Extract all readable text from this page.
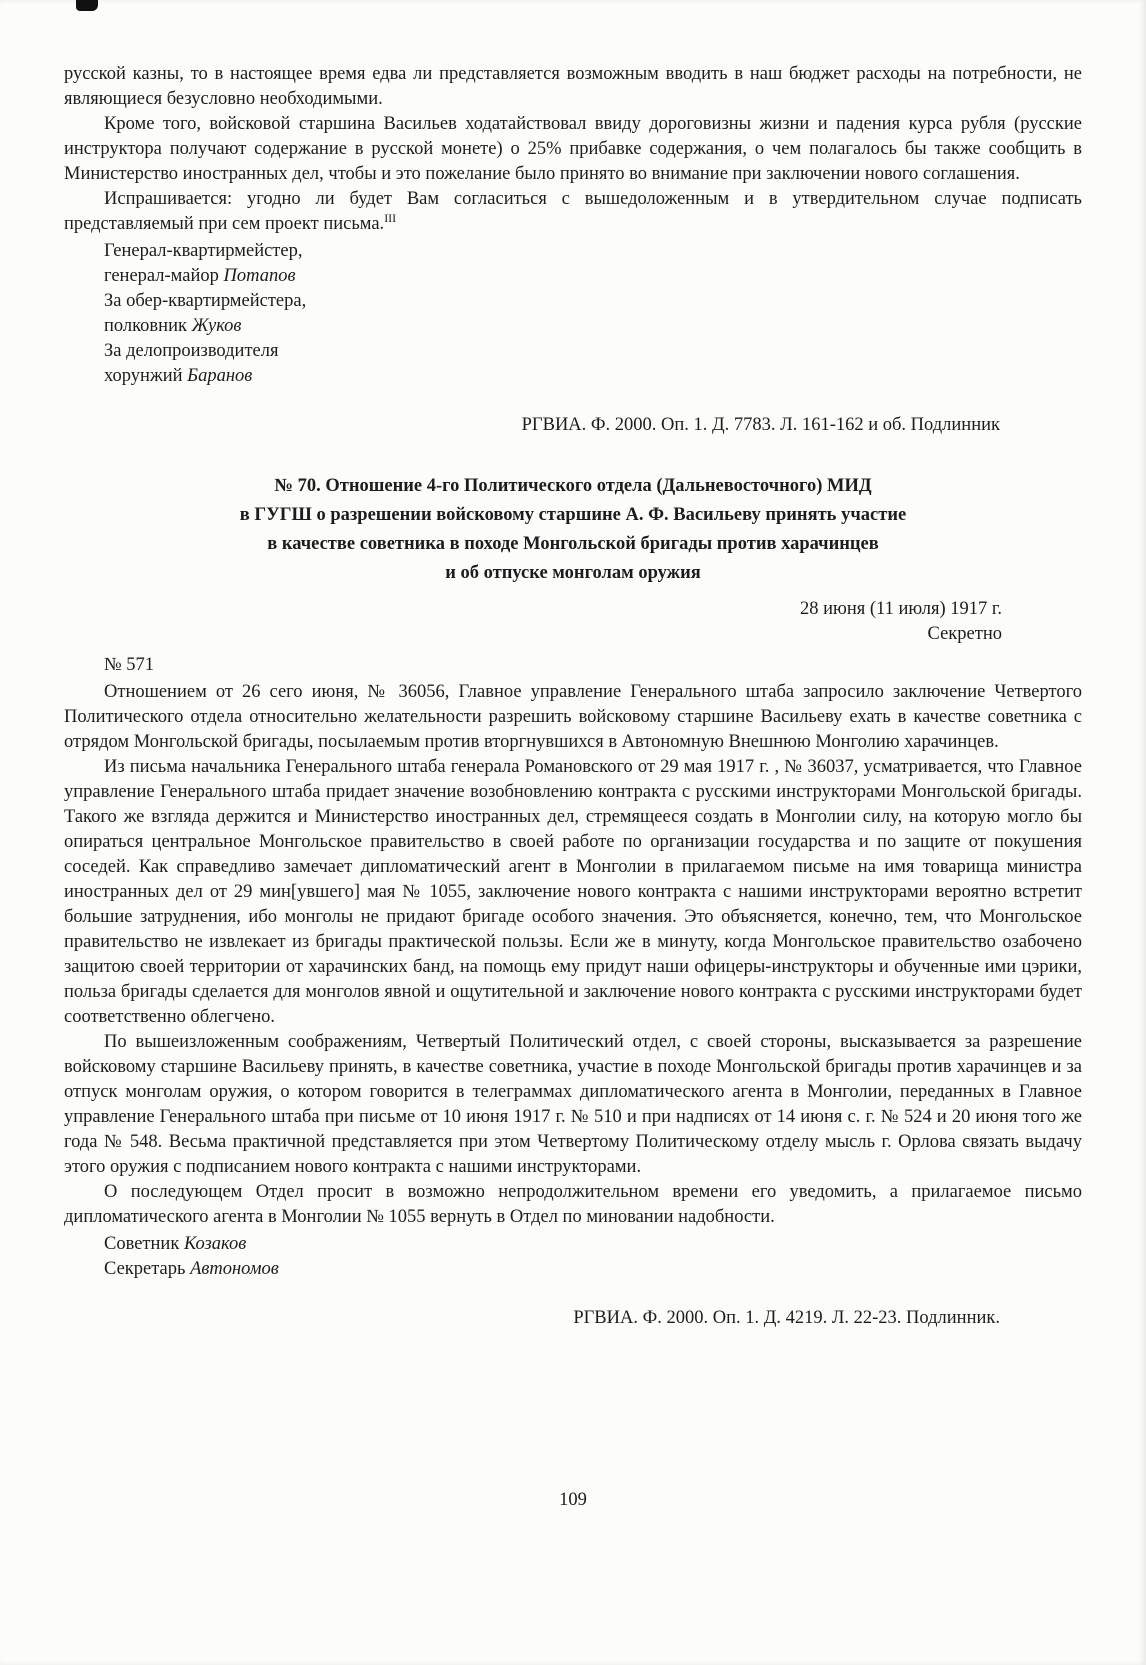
русской казны, то в настоящее время едва ли представляется возможным вводить в наш бюджет расходы на потребности, не являющиеся безусловно необходимыми.

Кроме того, войсковой старшина Васильев ходатайствовал ввиду дороговизны жизни и падения курса рубля (русские инструктора получают содержание в русской монете) о 25% прибавке содержания, о чем полагалось бы также сообщить в Министерство иностранных дел, чтобы и это пожелание было принято во внимание при заключении нового соглашения.

Испрашивается: угодно ли будет Вам согласиться с вышедоложенным и в утвердительном случае подписать представляемый при сем проект письма.$^{III}$

Генерал-квартирмейстер,

генерал-майор Потапов

За обер-квартирмейстера,

полковник Жуков

За делопроизводителя

хорунжий Баранов

РГВИА. Ф. 2000. Оп. 1. Д. 7783. Л. 161-162 и об. Подлинник

№ 70. Отношение 4-го Политического отдела (Дальневосточного) МИД
в ГУГШ о разрешении войсковому старшине А. Ф. Васильеву принять участие
в качестве советника в походе Монгольской бригады против харачинцев
и об отпуске монголам оружия

28 июня (11 июля) 1917 г.

Секретно

№ 571

Отношением от 26 сего июня, № 36056, Главное управление Генерального штаба запросило заключение Четвертого Политического отдела относительно желательности разрешить войсковому старшине Васильеву ехать в качестве советника с отрядом Монгольской бригады, посылаемым против вторгнувшихся в Автономную Внешнюю Монголию харачинцев.

Из письма начальника Генерального штаба генерала Романовского от 29 мая 1917 г. , № 36037, усматривается, что Главное управление Генерального штаба придает значение возобновлению контракта с русскими инструкторами Монгольской бригады. Такого же взгляда держится и Министерство иностранных дел, стремящееся создать в Монголии силу, на которую могло бы опираться центральное Монгольское правительство в своей работе по организации государства и по защите от покушения соседей. Как справедливо замечает дипломатический агент в Монголии в прилагаемом письме на имя товарища министра иностранных дел от 29 мин[увшего] мая № 1055, заключение нового контракта с нашими инструкторами вероятно встретит большие затруднения, ибо монголы не придают бригаде особого значения. Это объясняется, конечно, тем, что Монгольское правительство не извлекает из бригады практической пользы. Если же в минуту, когда Монгольское правительство озабочено защитою своей территории от харачинских банд, на помощь ему придут наши офицеры-инструкторы и обученные ими цэрики, польза бригады сделается для монголов явной и ощутительной и заключение нового контракта с русскими инструкторами будет соответственно облегчено.

По вышеизложенным соображениям, Четвертый Политический отдел, с своей стороны, высказывается за разрешение войсковому старшине Васильеву принять, в качестве советника, участие в походе Монгольской бригады против харачинцев и за отпуск монголам оружия, о котором говорится в телеграммах дипломатического агента в Монголии, переданных в Главное управление Генерального штаба при письме от 10 июня 1917 г. № 510 и при надписях от 14 июня с. г. № 524 и 20 июня того же года № 548. Весьма практичной представляется при этом Четвертому Политическому отделу мысль г. Орлова связать выдачу этого оружия с подписанием нового контракта с нашими инструкторами.

О последующем Отдел просит в возможно непродолжительном времени его уведомить, а прилагаемое письмо дипломатического агента в Монголии № 1055 вернуть в Отдел по миновании надобности.

Советник Козаков

Секретарь Автономов

РГВИА. Ф. 2000. Оп. 1. Д. 4219. Л. 22-23. Подлинник.

109
